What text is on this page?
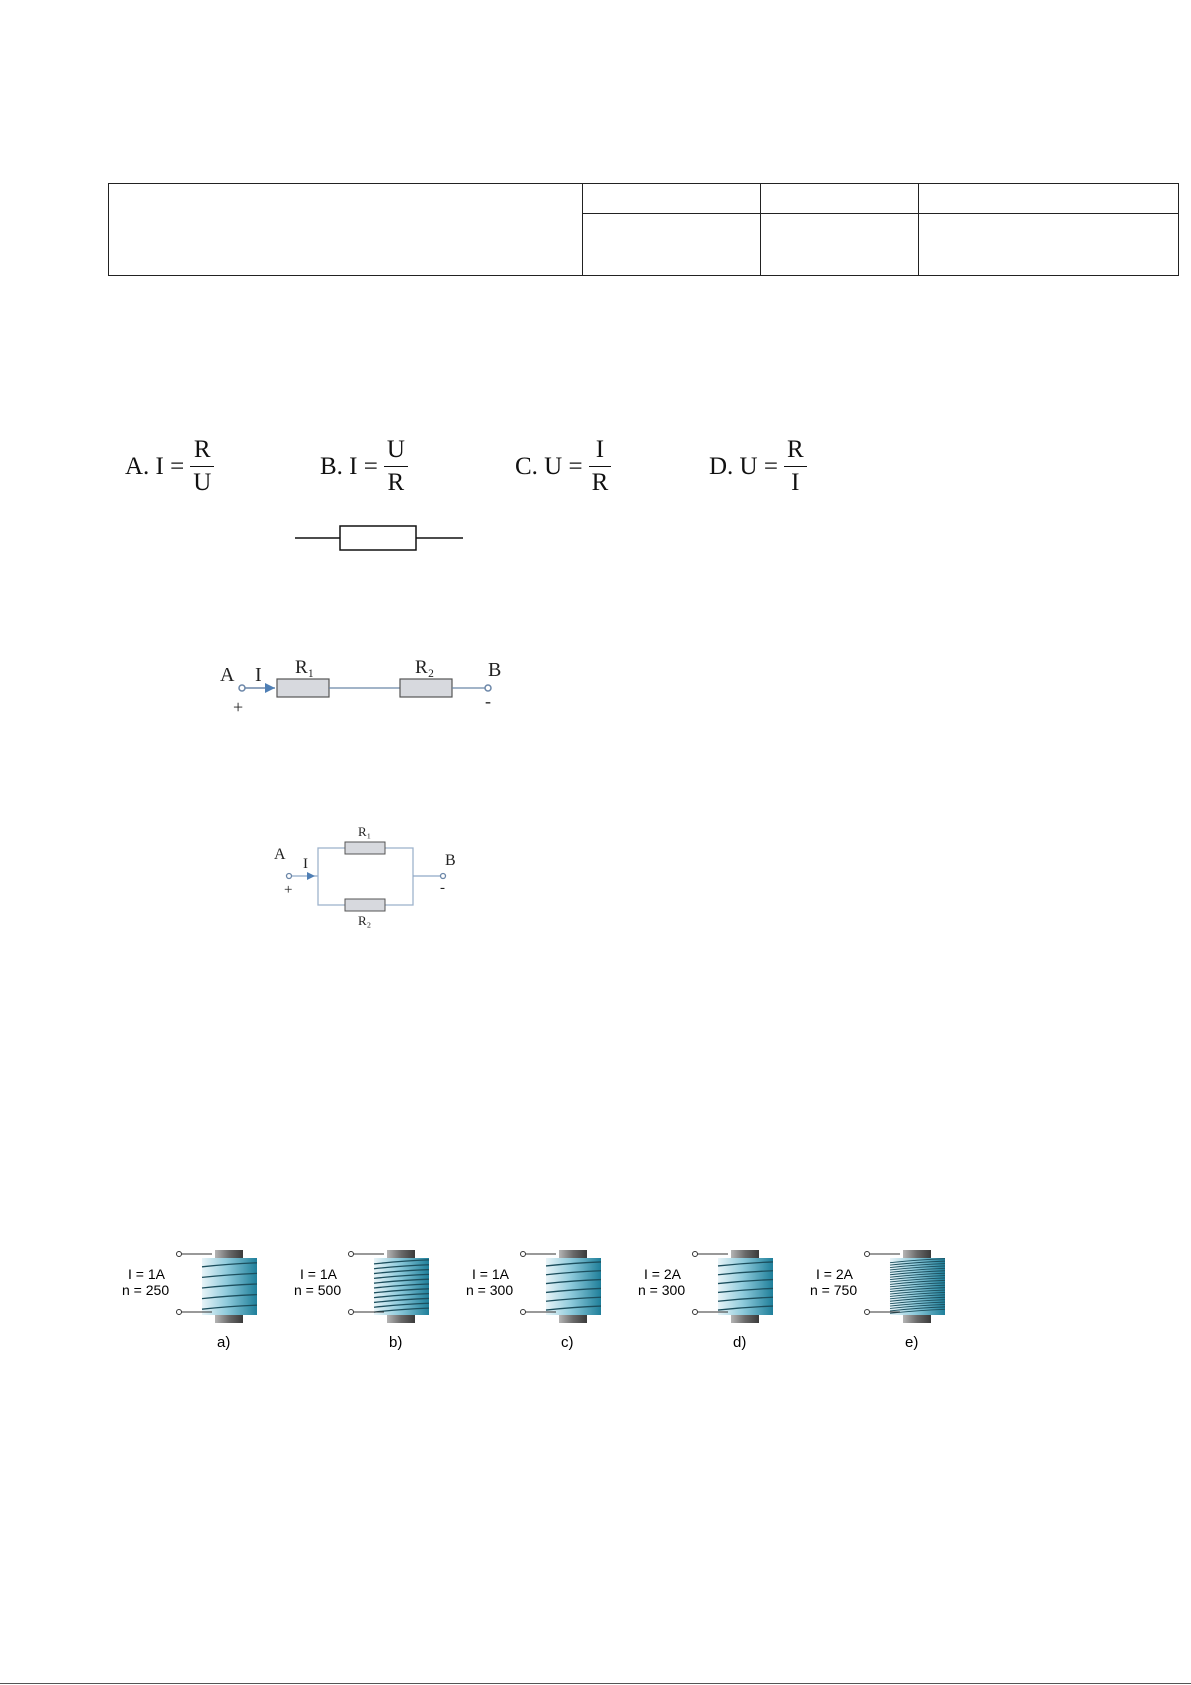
A. $I = \frac{R}{U}$	B. $I = \frac{U}{R}$	C. $U = \frac{I}{R}$	D. $U = \frac{R}{I}$
A
+
I R₁	R₂	B
-
A
+
I
R₁
R₂
B
-
I = 1A
n = 250
a)
I = 1A
n = 500
b)
I = 1A
n = 300
c)
I = 2A
n = 300
d)
I = 2A
n = 750
e)
